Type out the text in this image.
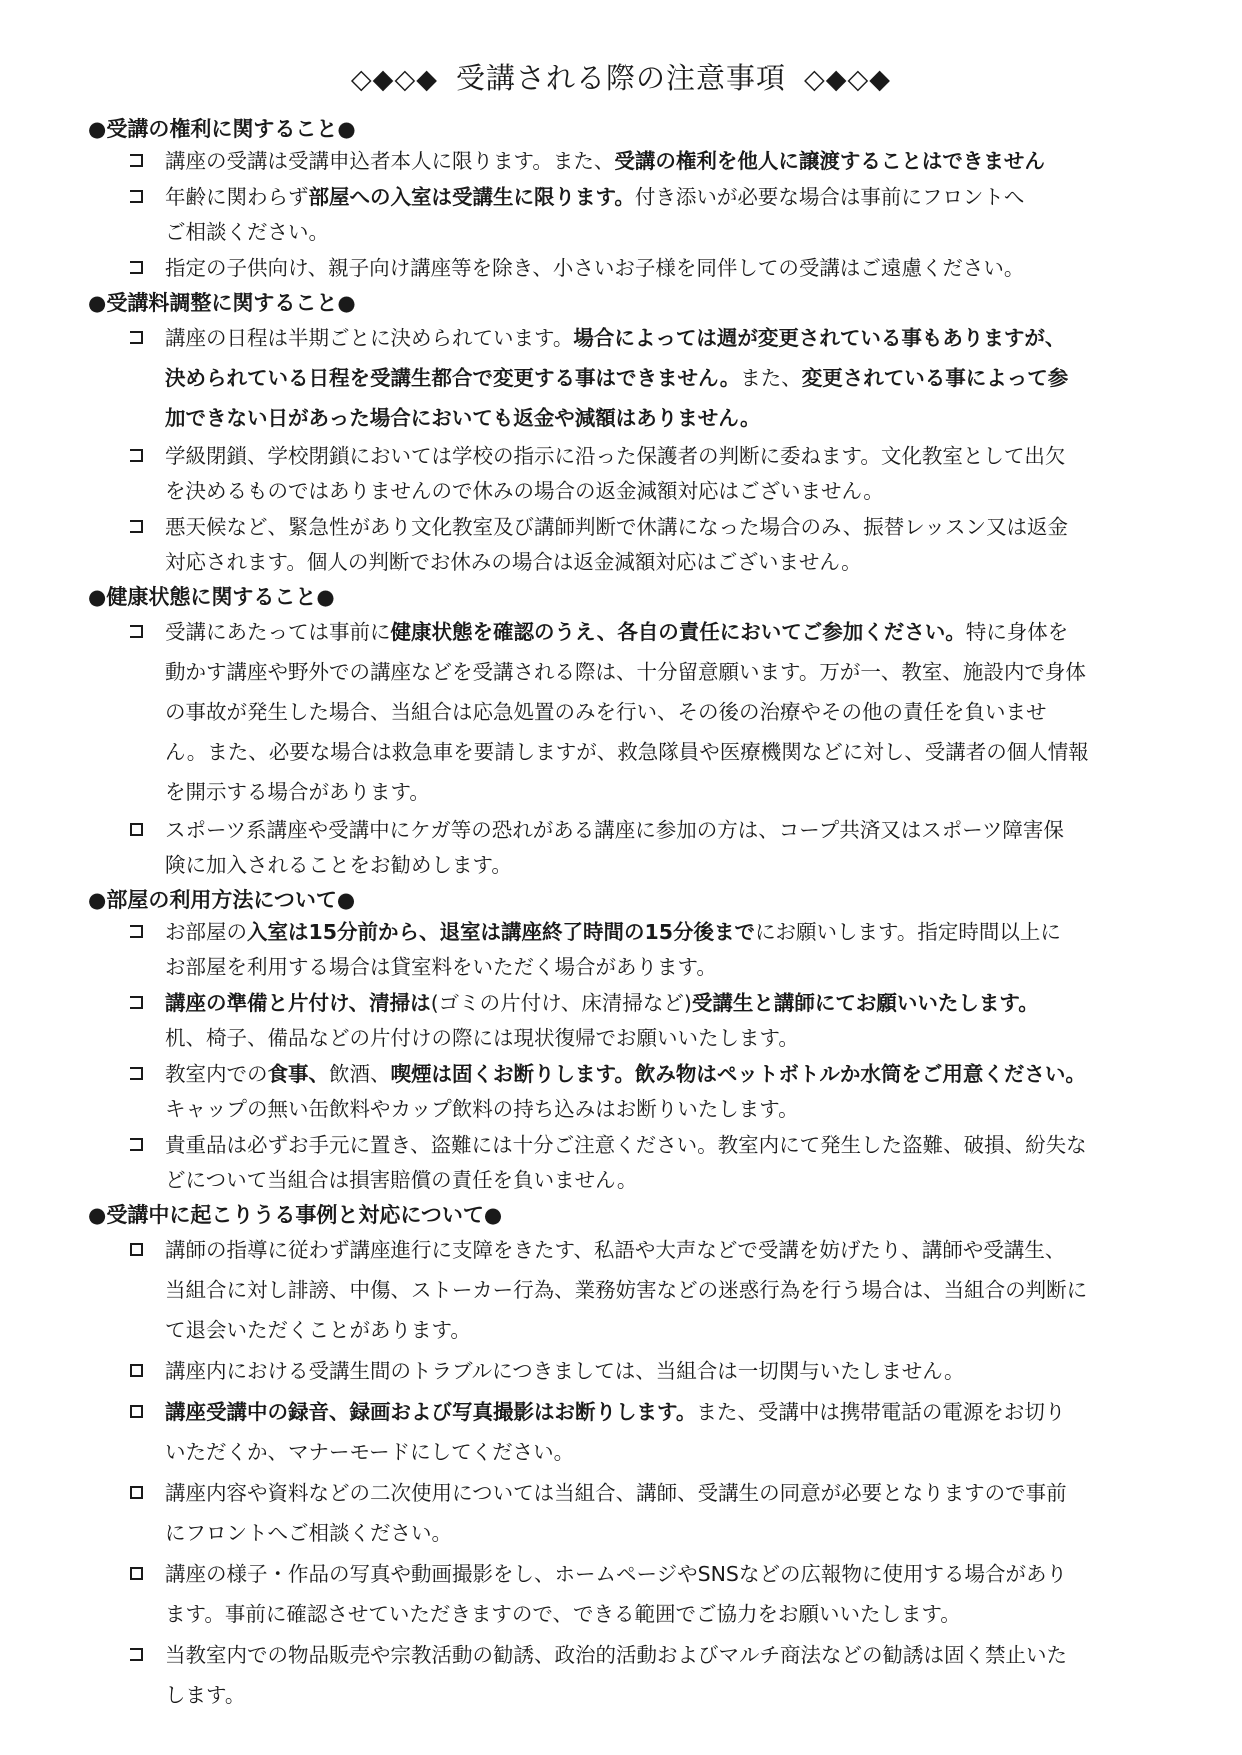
◇◆◇◆ 受講される際の注意事項 ◇◆◇◆
●受講の権利に関すること●
講座の受講は受講申込者本人に限ります。また、受講の権利を他人に譲渡することはできません
年齢に関わらず部屋への入室は受講生に限ります。付き添いが必要な場合は事前にフロントへ
ご相談ください。
指定の子供向け、親子向け講座等を除き、小さいお子様を同伴しての受講はご遠慮ください。
●受講料調整に関すること●
講座の日程は半期ごとに決められています。場合によっては週が変更されている事もありますが、
決められている日程を受講生都合で変更する事はできません。また、変更されている事によって参
加できない日があった場合においても返金や減額はありません。
学級閉鎖、学校閉鎖においては学校の指示に沿った保護者の判断に委ねます。文化教室として出欠
を決めるものではありませんので休みの場合の返金減額対応はございません。
悪天候など、緊急性があり文化教室及び講師判断で休講になった場合のみ、振替レッスン又は返金
対応されます。個人の判断でお休みの場合は返金減額対応はございません。
●健康状態に関すること●
受講にあたっては事前に健康状態を確認のうえ、各自の責任においてご参加ください。特に身体を
動かす講座や野外での講座などを受講される際は、十分留意願います。万が一、教室、施設内で身体
の事故が発生した場合、当組合は応急処置のみを行い、その後の治療やその他の責任を負いませ
ん。また、必要な場合は救急車を要請しますが、救急隊員や医療機関などに対し、受講者の個人情報
を開示する場合があります。
スポーツ系講座や受講中にケガ等の恐れがある講座に参加の方は、コープ共済又はスポーツ障害保
険に加入されることをお勧めします。
●部屋の利用方法について●
お部屋の入室は15分前から、退室は講座終了時間の15分後までにお願いします。指定時間以上に
お部屋を利用する場合は貸室料をいただく場合があります。
講座の準備と片付け、清掃は(ゴミの片付け、床清掃など)受講生と講師にてお願いいたします。
机、椅子、備品などの片付けの際には現状復帰でお願いいたします。
教室内での食事、飲酒、喫煙は固くお断りします。飲み物はペットボトルか水筒をご用意ください。
キャップの無い缶飲料やカップ飲料の持ち込みはお断りいたします。
貴重品は必ずお手元に置き、盗難には十分ご注意ください。教室内にて発生した盗難、破損、紛失な
どについて当組合は損害賠償の責任を負いません。
●受講中に起こりうる事例と対応について●
講師の指導に従わず講座進行に支障をきたす、私語や大声などで受講を妨げたり、講師や受講生、
当組合に対し誹謗、中傷、ストーカー行為、業務妨害などの迷惑行為を行う場合は、当組合の判断に
て退会いただくことがあります。
講座内における受講生間のトラブルにつきましては、当組合は一切関与いたしません。
講座受講中の録音、録画および写真撮影はお断りします。また、受講中は携帯電話の電源をお切り
いただくか、マナーモードにしてください。
講座内容や資料などの二次使用については当組合、講師、受講生の同意が必要となりますので事前
にフロントへご相談ください。
講座の様子・作品の写真や動画撮影をし、ホームページやSNSなどの広報物に使用する場合があり
ます。事前に確認させていただきますので、できる範囲でご協力をお願いいたします。
当教室内での物品販売や宗教活動の勧誘、政治的活動およびマルチ商法などの勧誘は固く禁止いた
します。
